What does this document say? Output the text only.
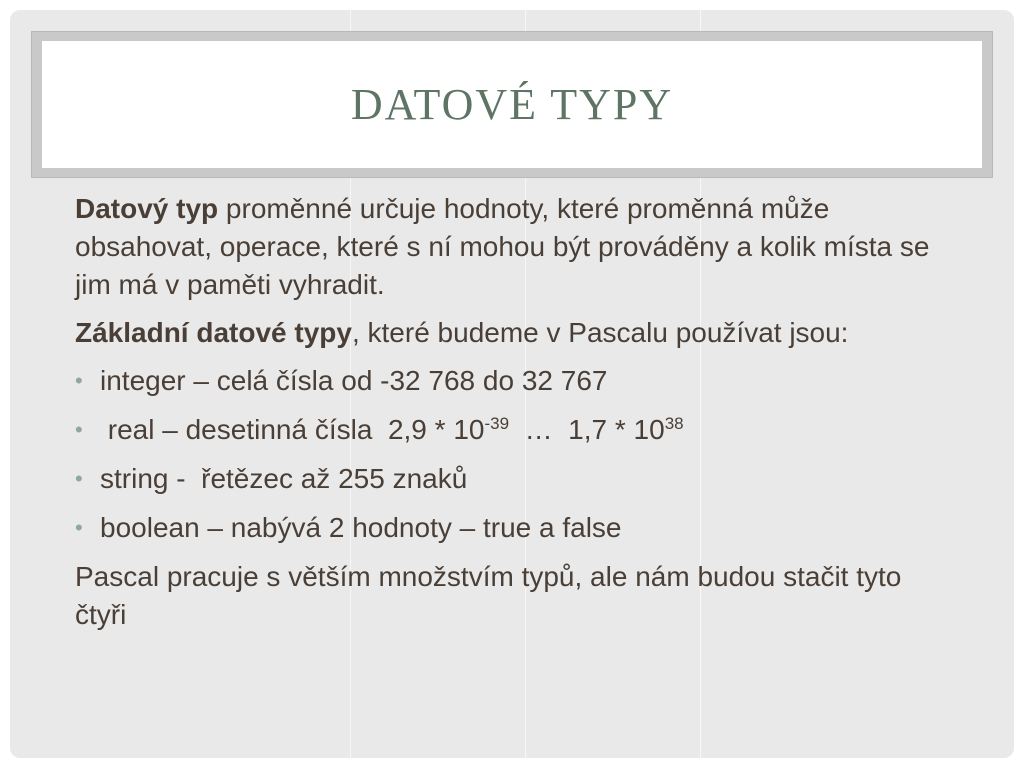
DATOVÉ TYPY

Datový typ proměnné určuje hodnoty, které proměnná může obsahovat, operace, které s ní mohou být prováděny a kolik místa se jim má v paměti vyhradit.

Základní datové typy, které budeme v Pascalu používat jsou:

• integer – celá čísla od -32 768 do 32 767
• real – desetinná čísla  $2,9 * 10^{-39}$  …  $1,7 * 10^{38}$
• string -  řetězec až 255 znaků
• boolean – nabývá 2 hodnoty – true a false

Pascal pracuje s větším množstvím typů, ale nám budou stačit tyto čtyři
